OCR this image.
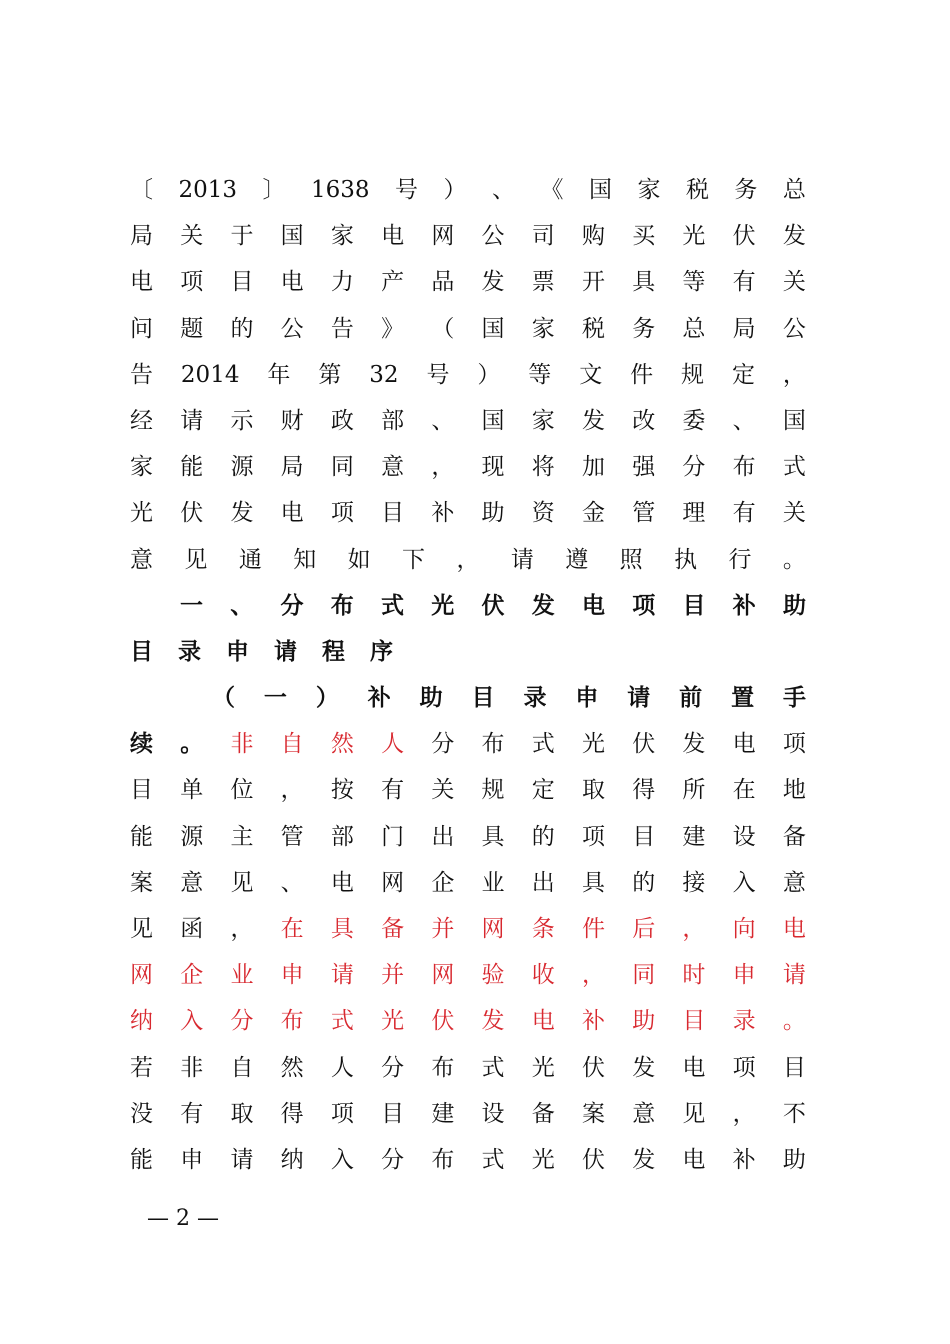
〔 2013 〕 1638 号 ） 、 《 国 家 税 务 总
局 关 于 国 家 电 网 公 司 购 买 光 伏 发
电 项 目 电 力 产 品 发 票 开 具 等 有 关
问 题 的 公 告 》 （ 国 家 税 务 总 局 公
告 2014 年 第 32 号 ） 等 文 件 规 定 ，
经 请 示 财 政 部 、 国 家 发 改 委 、 国
家 能 源 局 同 意 ， 现 将 加 强 分 布 式
光 伏 发 电 项 目 补 助 资 金 管 理 有 关
意 见 通 知 如 下 ， 请 遵 照 执 行 。
一 、 分 布 式 光 伏 发 电 项 目 补 助
目 录 申 请 程 序
（ 一 ） 补 助 目 录 申 请 前 置 手
续 。 非 自 然 人 分 布 式 光 伏 发 电 项
目 单 位 ， 按 有 关 规 定 取 得 所 在 地
能 源 主 管 部 门 出 具 的 项 目 建 设 备
案 意 见 、 电 网 企 业 出 具 的 接 入 意
见 函 ， 在 具 备 并 网 条 件 后 ， 向 电
网 企 业 申 请 并 网 验 收 ， 同 时 申 请
纳 入 分 布 式 光 伏 发 电 补 助 目 录 。
若 非 自 然 人 分 布 式 光 伏 发 电 项 目
没 有 取 得 项 目 建 设 备 案 意 见 ， 不
能 申 请 纳 入 分 布 式 光 伏 发 电 补 助
— 2 —
